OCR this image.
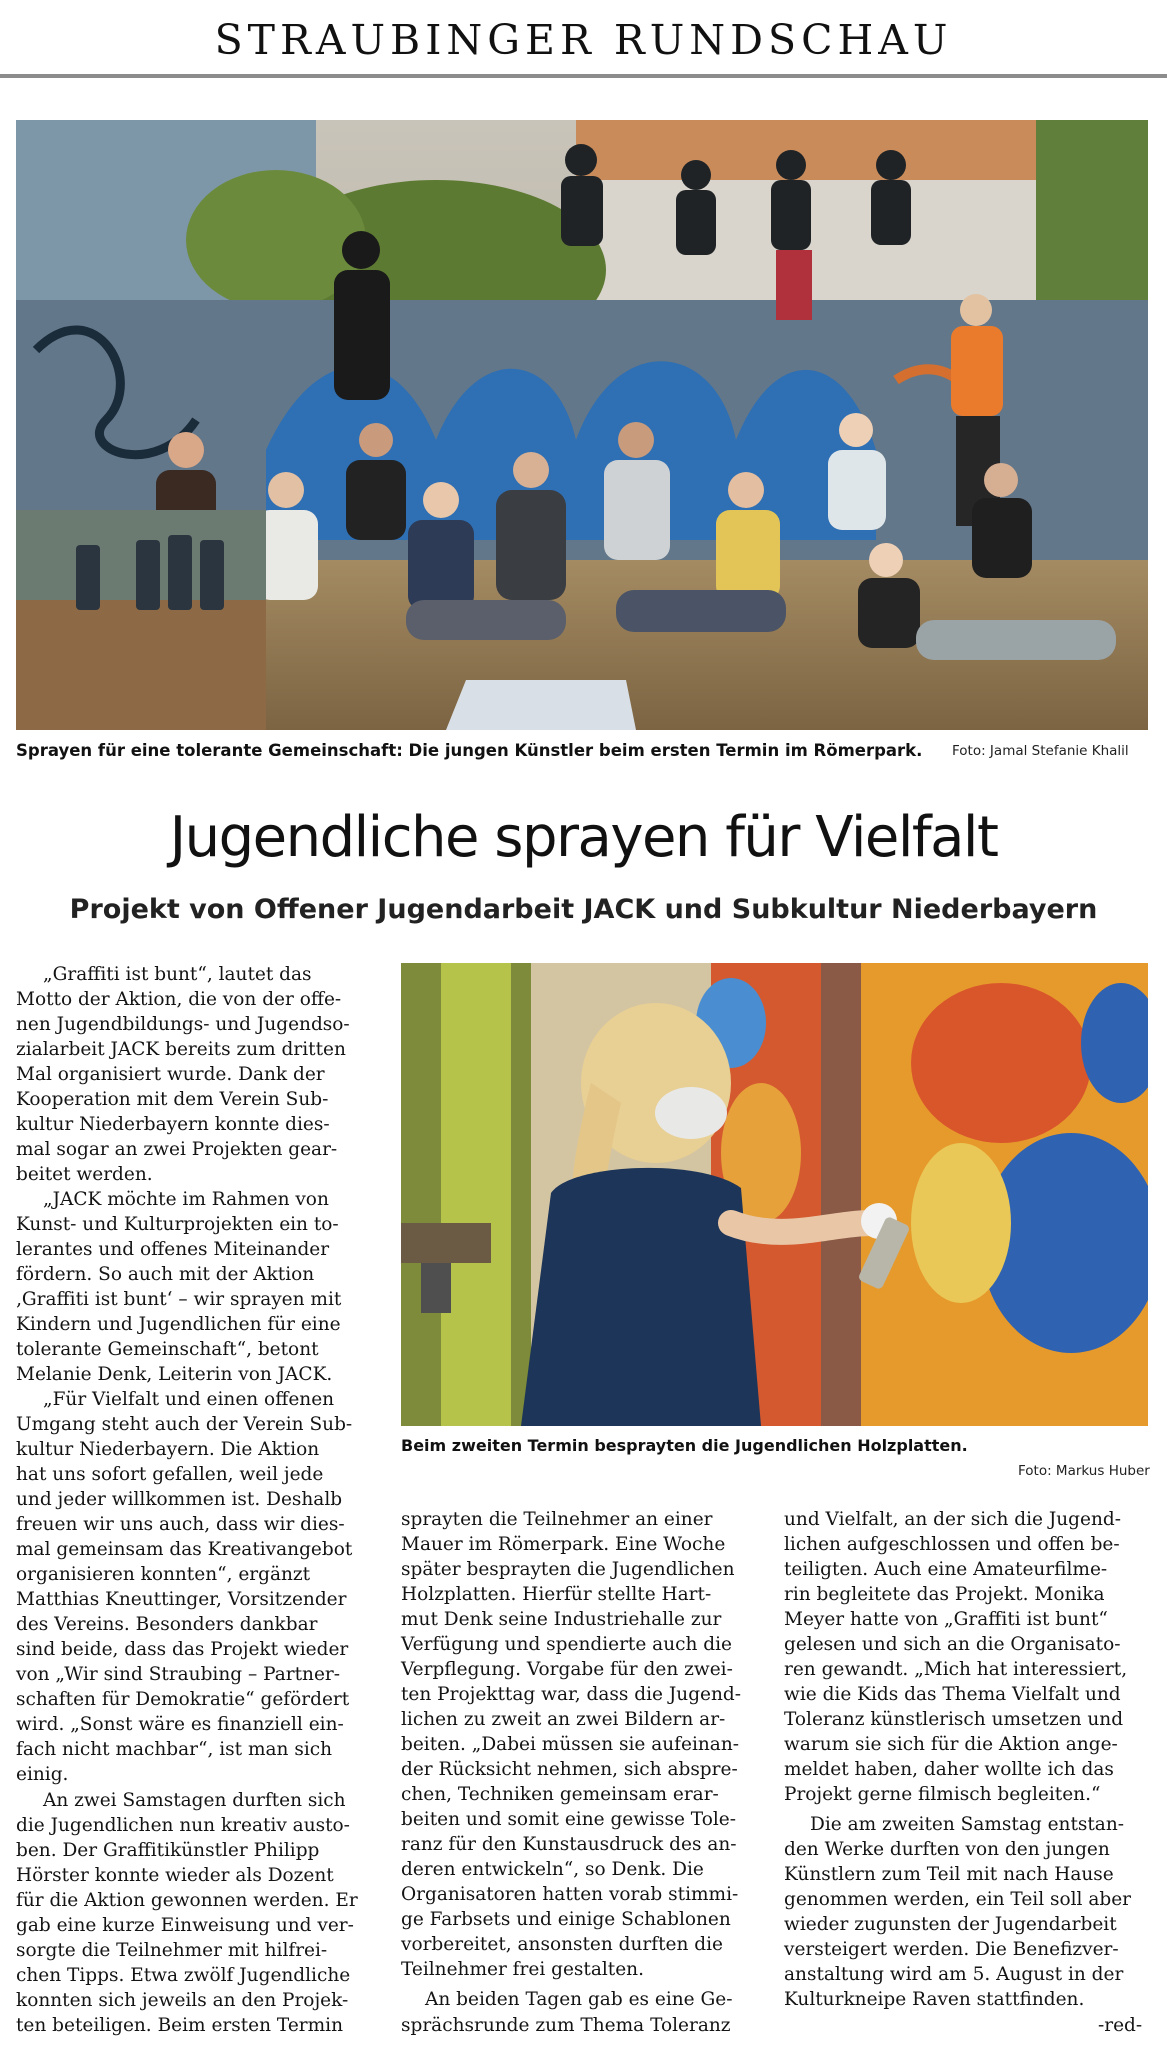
STRAUBINGER RUNDSCHAU
Sprayen für eine tolerante Gemeinschaft: Die jungen Künstler beim ersten Termin im Römerpark. Foto: Jamal Stefanie Khalil
Jugendliche sprayen für Vielfalt
Projekt von Offener Jugendarbeit JACK und Subkultur Niederbayern
Beim zweiten Termin besprayten die Jugendlichen Holzplatten.
Foto: Markus Huber
„Graffiti ist bunt“, lautet das
Motto der Aktion, die von der offe-
nen Jugendbildungs- und Jugendso-
zialarbeit JACK bereits zum dritten
Mal organisiert wurde. Dank der
Kooperation mit dem Verein Sub-
kultur Niederbayern konnte dies-
mal sogar an zwei Projekten gear-
beitet werden.
„JACK möchte im Rahmen von
Kunst- und Kulturprojekten ein to-
lerantes und offenes Miteinander
fördern. So auch mit der Aktion
‚Graffiti ist bunt‘ – wir sprayen mit
Kindern und Jugendlichen für eine
tolerante Gemeinschaft“, betont
Melanie Denk, Leiterin von JACK.
„Für Vielfalt und einen offenen
Umgang steht auch der Verein Sub-
kultur Niederbayern. Die Aktion
hat uns sofort gefallen, weil jede
und jeder willkommen ist. Deshalb
freuen wir uns auch, dass wir dies-
mal gemeinsam das Kreativangebot
organisieren konnten“, ergänzt
Matthias Kneuttinger, Vorsitzender
des Vereins. Besonders dankbar
sind beide, dass das Projekt wieder
von „Wir sind Straubing – Partner-
schaften für Demokratie“ gefördert
wird. „Sonst wäre es finanziell ein-
fach nicht machbar“, ist man sich
einig.
An zwei Samstagen durften sich
die Jugendlichen nun kreativ austo-
ben. Der Graffitikünstler Philipp
Hörster konnte wieder als Dozent
für die Aktion gewonnen werden. Er
gab eine kurze Einweisung und ver-
sorgte die Teilnehmer mit hilfrei-
chen Tipps. Etwa zwölf Jugendliche
konnten sich jeweils an den Projek-
ten beteiligen. Beim ersten Termin
sprayten die Teilnehmer an einer
Mauer im Römerpark. Eine Woche
später besprayten die Jugendlichen
Holzplatten. Hierfür stellte Hart-
mut Denk seine Industriehalle zur
Verfügung und spendierte auch die
Verpflegung. Vorgabe für den zwei-
ten Projekttag war, dass die Jugend-
lichen zu zweit an zwei Bildern ar-
beiten. „Dabei müssen sie aufeinan-
der Rücksicht nehmen, sich abspre-
chen, Techniken gemeinsam erar-
beiten und somit eine gewisse Tole-
ranz für den Kunstausdruck des an-
deren entwickeln“, so Denk. Die
Organisatoren hatten vorab stimmi-
ge Farbsets und einige Schablonen
vorbereitet, ansonsten durften die
Teilnehmer frei gestalten.
An beiden Tagen gab es eine Ge-
sprächsrunde zum Thema Toleranz
und Vielfalt, an der sich die Jugend-
lichen aufgeschlossen und offen be-
teiligten. Auch eine Amateurfilme-
rin begleitete das Projekt. Monika
Meyer hatte von „Graffiti ist bunt“
gelesen und sich an die Organisato-
ren gewandt. „Mich hat interessiert,
wie die Kids das Thema Vielfalt und
Toleranz künstlerisch umsetzen und
warum sie sich für die Aktion ange-
meldet haben, daher wollte ich das
Projekt gerne filmisch begleiten.“
Die am zweiten Samstag entstan-
den Werke durften von den jungen
Künstlern zum Teil mit nach Hause
genommen werden, ein Teil soll aber
wieder zugunsten der Jugendarbeit
versteigert werden. Die Benefizver-
anstaltung wird am 5. August in der
Kulturkneipe Raven stattfinden.
-red-
